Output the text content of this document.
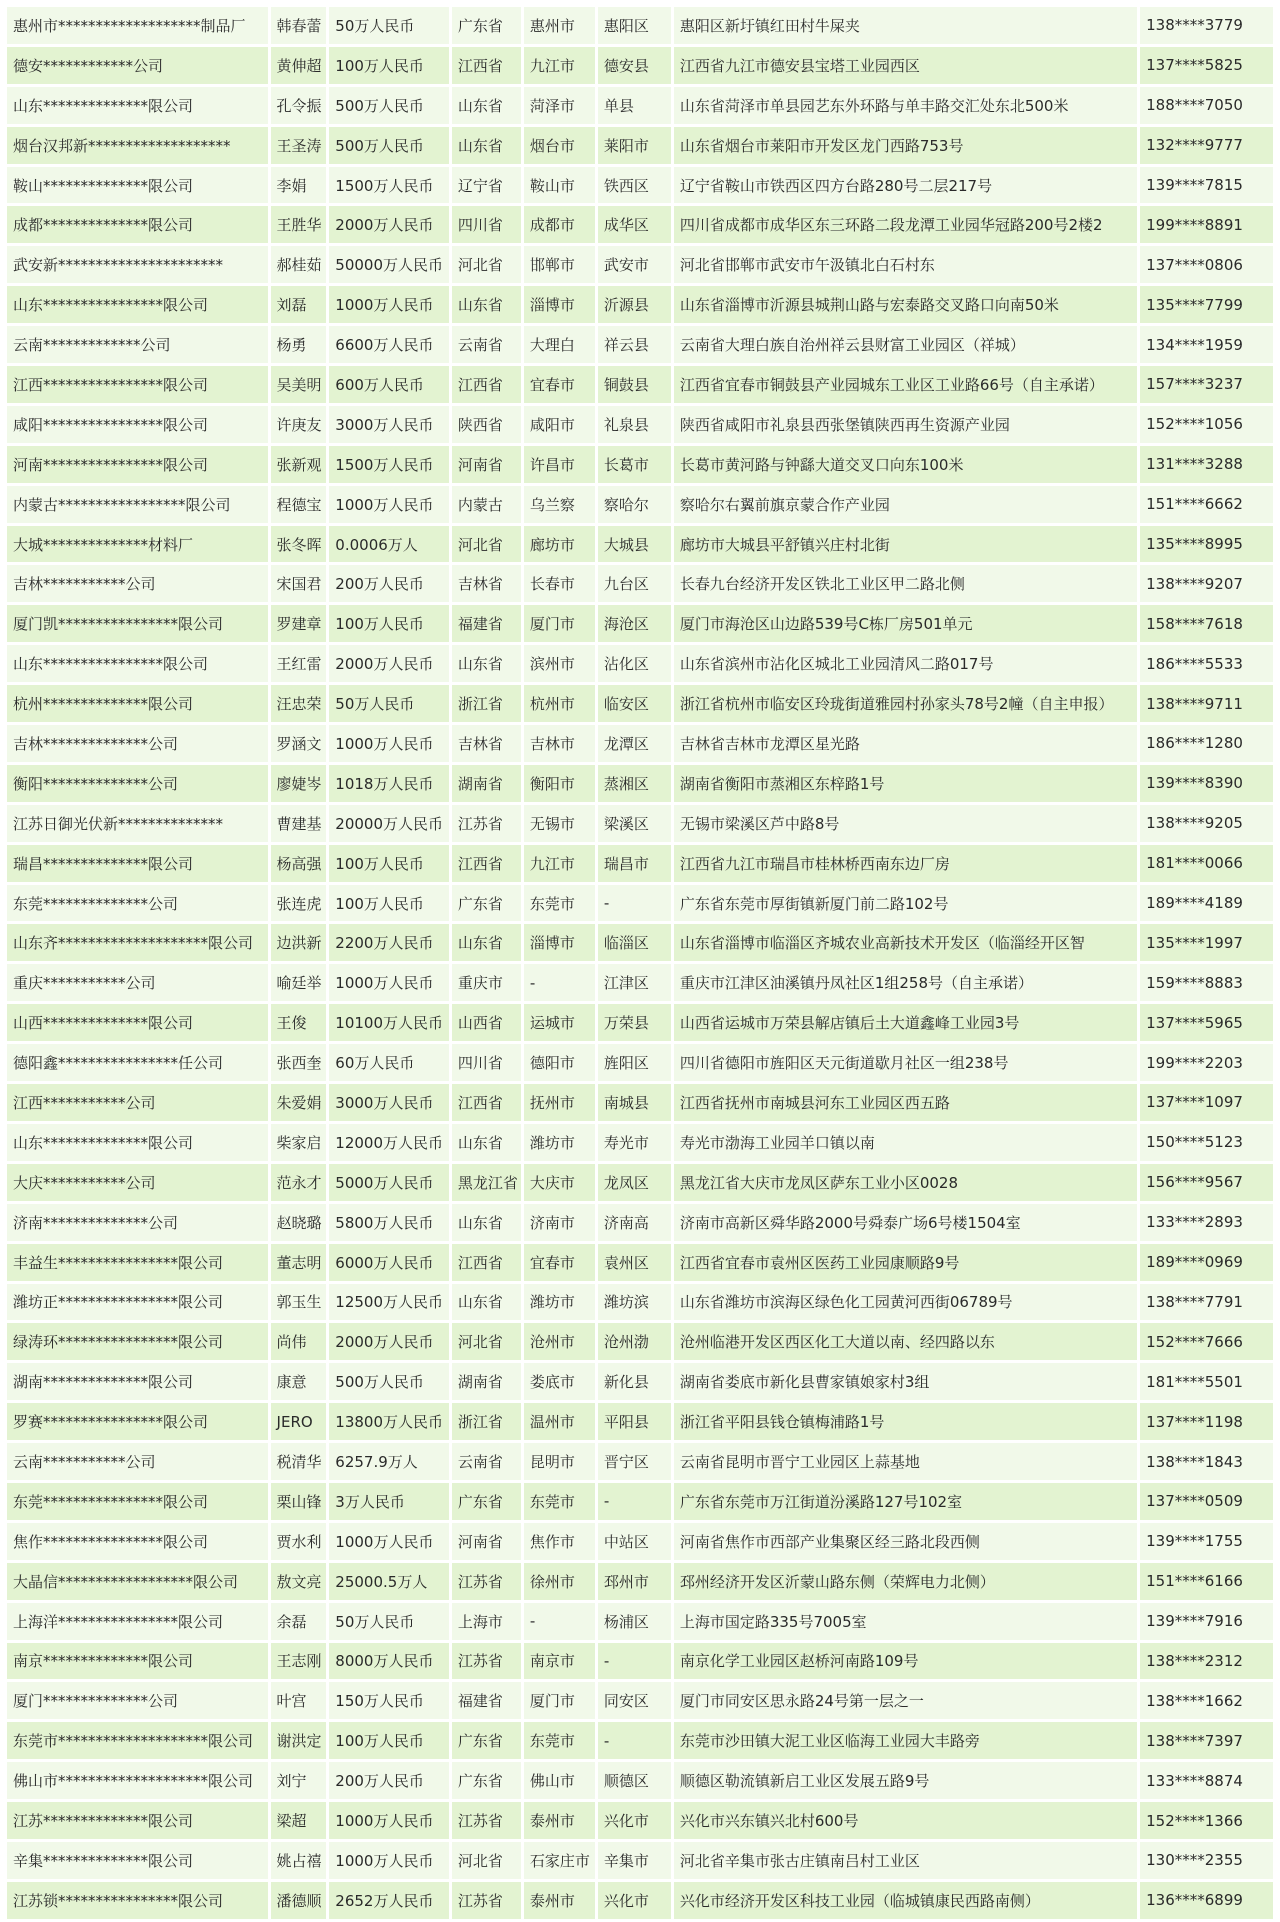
惠州市*******************制品厂	韩春蕾	50万人民币	广东省	惠州市	惠阳区	惠阳区新圩镇红田村牛屎夹	138****3779
德安************公司	黄伸超	100万人民币	江西省	九江市	德安县	江西省九江市德安县宝塔工业园西区	137****5825
山东**************限公司	孔令振	500万人民币	山东省	菏泽市	单县	山东省菏泽市单县园艺东外环路与单丰路交汇处东北500米	188****7050
烟台汉邦新*******************	王圣涛	500万人民币	山东省	烟台市	莱阳市	山东省烟台市莱阳市开发区龙门西路753号	132****9777
鞍山**************限公司	李娟	1500万人民币	辽宁省	鞍山市	铁西区	辽宁省鞍山市铁西区四方台路280号二层217号	139****7815
成都**************限公司	王胜华	2000万人民币	四川省	成都市	成华区	四川省成都市成华区东三环路二段龙潭工业园华冠路200号2楼2	199****8891
武安新**********************	郝桂茹	50000万人民币	河北省	邯郸市	武安市	河北省邯郸市武安市午汲镇北白石村东	137****0806
山东****************限公司	刘磊	1000万人民币	山东省	淄博市	沂源县	山东省淄博市沂源县城荆山路与宏泰路交叉路口向南50米	135****7799
云南*************公司	杨勇	6600万人民币	云南省	大理白	祥云县	云南省大理白族自治州祥云县财富工业园区（祥城）	134****1959
江西****************限公司	吴美明	600万人民币	江西省	宜春市	铜鼓县	江西省宜春市铜鼓县产业园城东工业区工业路66号（自主承诺）	157****3237
咸阳****************限公司	许庚友	3000万人民币	陕西省	咸阳市	礼泉县	陕西省咸阳市礼泉县西张堡镇陕西再生资源产业园	152****1056
河南****************限公司	张新观	1500万人民币	河南省	许昌市	长葛市	长葛市黄河路与钟繇大道交叉口向东100米	131****3288
内蒙古*****************限公司	程德宝	1000万人民币	内蒙古	乌兰察	察哈尔	察哈尔右翼前旗京蒙合作产业园	151****6662
大城**************材料厂	张冬晖	0.0006万人	河北省	廊坊市	大城县	廊坊市大城县平舒镇兴庄村北街	135****8995
吉林***********公司	宋国君	200万人民币	吉林省	长春市	九台区	长春九台经济开发区铁北工业区甲二路北侧	138****9207
厦门凯****************限公司	罗建章	100万人民币	福建省	厦门市	海沧区	厦门市海沧区山边路539号C栋厂房501单元	158****7618
山东****************限公司	王红雷	2000万人民币	山东省	滨州市	沾化区	山东省滨州市沾化区城北工业园清风二路017号	186****5533
杭州**************限公司	汪忠荣	50万人民币	浙江省	杭州市	临安区	浙江省杭州市临安区玲珑街道雅园村孙家头78号2幢（自主申报）	138****9711
吉林**************公司	罗涵文	1000万人民币	吉林省	吉林市	龙潭区	吉林省吉林市龙潭区星光路	186****1280
衡阳**************公司	廖婕岑	1018万人民币	湖南省	衡阳市	蒸湘区	湖南省衡阳市蒸湘区东梓路1号	139****8390
江苏日御光伏新**************	曹建基	20000万人民币	江苏省	无锡市	梁溪区	无锡市梁溪区芦中路8号	138****9205
瑞昌**************限公司	杨高强	100万人民币	江西省	九江市	瑞昌市	江西省九江市瑞昌市桂林桥西南东边厂房	181****0066
东莞**************公司	张连虎	100万人民币	广东省	东莞市	-	广东省东莞市厚街镇新厦门前二路102号	189****4189
山东齐********************限公司	边洪新	2200万人民币	山东省	淄博市	临淄区	山东省淄博市临淄区齐城农业高新技术开发区（临淄经开区智	135****1997
重庆***********公司	喻廷举	1000万人民币	重庆市	-	江津区	重庆市江津区油溪镇丹凤社区1组258号（自主承诺）	159****8883
山西**************限公司	王俊	10100万人民币	山西省	运城市	万荣县	山西省运城市万荣县解店镇后土大道鑫峰工业园3号	137****5965
德阳鑫****************任公司	张西奎	60万人民币	四川省	德阳市	旌阳区	四川省德阳市旌阳区天元街道歇月社区一组238号	199****2203
江西***********公司	朱爱娟	3000万人民币	江西省	抚州市	南城县	江西省抚州市南城县河东工业园区西五路	137****1097
山东**************限公司	柴家启	12000万人民币	山东省	潍坊市	寿光市	寿光市渤海工业园羊口镇以南	150****5123
大庆***********公司	范永才	5000万人民币	黑龙江省	大庆市	龙凤区	黑龙江省大庆市龙凤区萨东工业小区0028	156****9567
济南**************公司	赵晓璐	5800万人民币	山东省	济南市	济南高	济南市高新区舜华路2000号舜泰广场6号楼1504室	133****2893
丰益生****************限公司	董志明	6000万人民币	江西省	宜春市	袁州区	江西省宜春市袁州区医药工业园康顺路9号	189****0969
潍坊正****************限公司	郭玉生	12500万人民币	山东省	潍坊市	潍坊滨	山东省潍坊市滨海区绿色化工园黄河西街06789号	138****7791
绿涛环****************限公司	尚伟	2000万人民币	河北省	沧州市	沧州渤	沧州临港开发区西区化工大道以南、经四路以东	152****7666
湖南**************限公司	康意	500万人民币	湖南省	娄底市	新化县	湖南省娄底市新化县曹家镇娘家村3组	181****5501
罗赛****************限公司	JERO	13800万人民币	浙江省	温州市	平阳县	浙江省平阳县钱仓镇梅浦路1号	137****1198
云南***********公司	税清华	6257.9万人	云南省	昆明市	晋宁区	云南省昆明市晋宁工业园区上蒜基地	138****1843
东莞****************限公司	栗山锋	3万人民币	广东省	东莞市	-	广东省东莞市万江街道汾溪路127号102室	137****0509
焦作****************限公司	贾水利	1000万人民币	河南省	焦作市	中站区	河南省焦作市西部产业集聚区经三路北段西侧	139****1755
大晶信******************限公司	敖文亮	25000.5万人	江苏省	徐州市	邳州市	邳州经济开发区沂蒙山路东侧（荣辉电力北侧）	151****6166
上海洋****************限公司	余磊	50万人民币	上海市	-	杨浦区	上海市国定路335号7005室	139****7916
南京**************限公司	王志刚	8000万人民币	江苏省	南京市	-	南京化学工业园区赵桥河南路109号	138****2312
厦门**************公司	叶宫	150万人民币	福建省	厦门市	同安区	厦门市同安区思永路24号第一层之一	138****1662
东莞市********************限公司	谢洪定	100万人民币	广东省	东莞市	-	东莞市沙田镇大泥工业区临海工业园大丰路旁	138****7397
佛山市********************限公司	刘宁	200万人民币	广东省	佛山市	顺德区	顺德区勒流镇新启工业区发展五路9号	133****8874
江苏**************限公司	梁超	1000万人民币	江苏省	泰州市	兴化市	兴化市兴东镇兴北村600号	152****1366
辛集**************限公司	姚占禧	1000万人民币	河北省	石家庄市	辛集市	河北省辛集市张古庄镇南吕村工业区	130****2355
江苏锁****************限公司	潘德顺	2652万人民币	江苏省	泰州市	兴化市	兴化市经济开发区科技工业园（临城镇康民西路南侧）	136****6899
